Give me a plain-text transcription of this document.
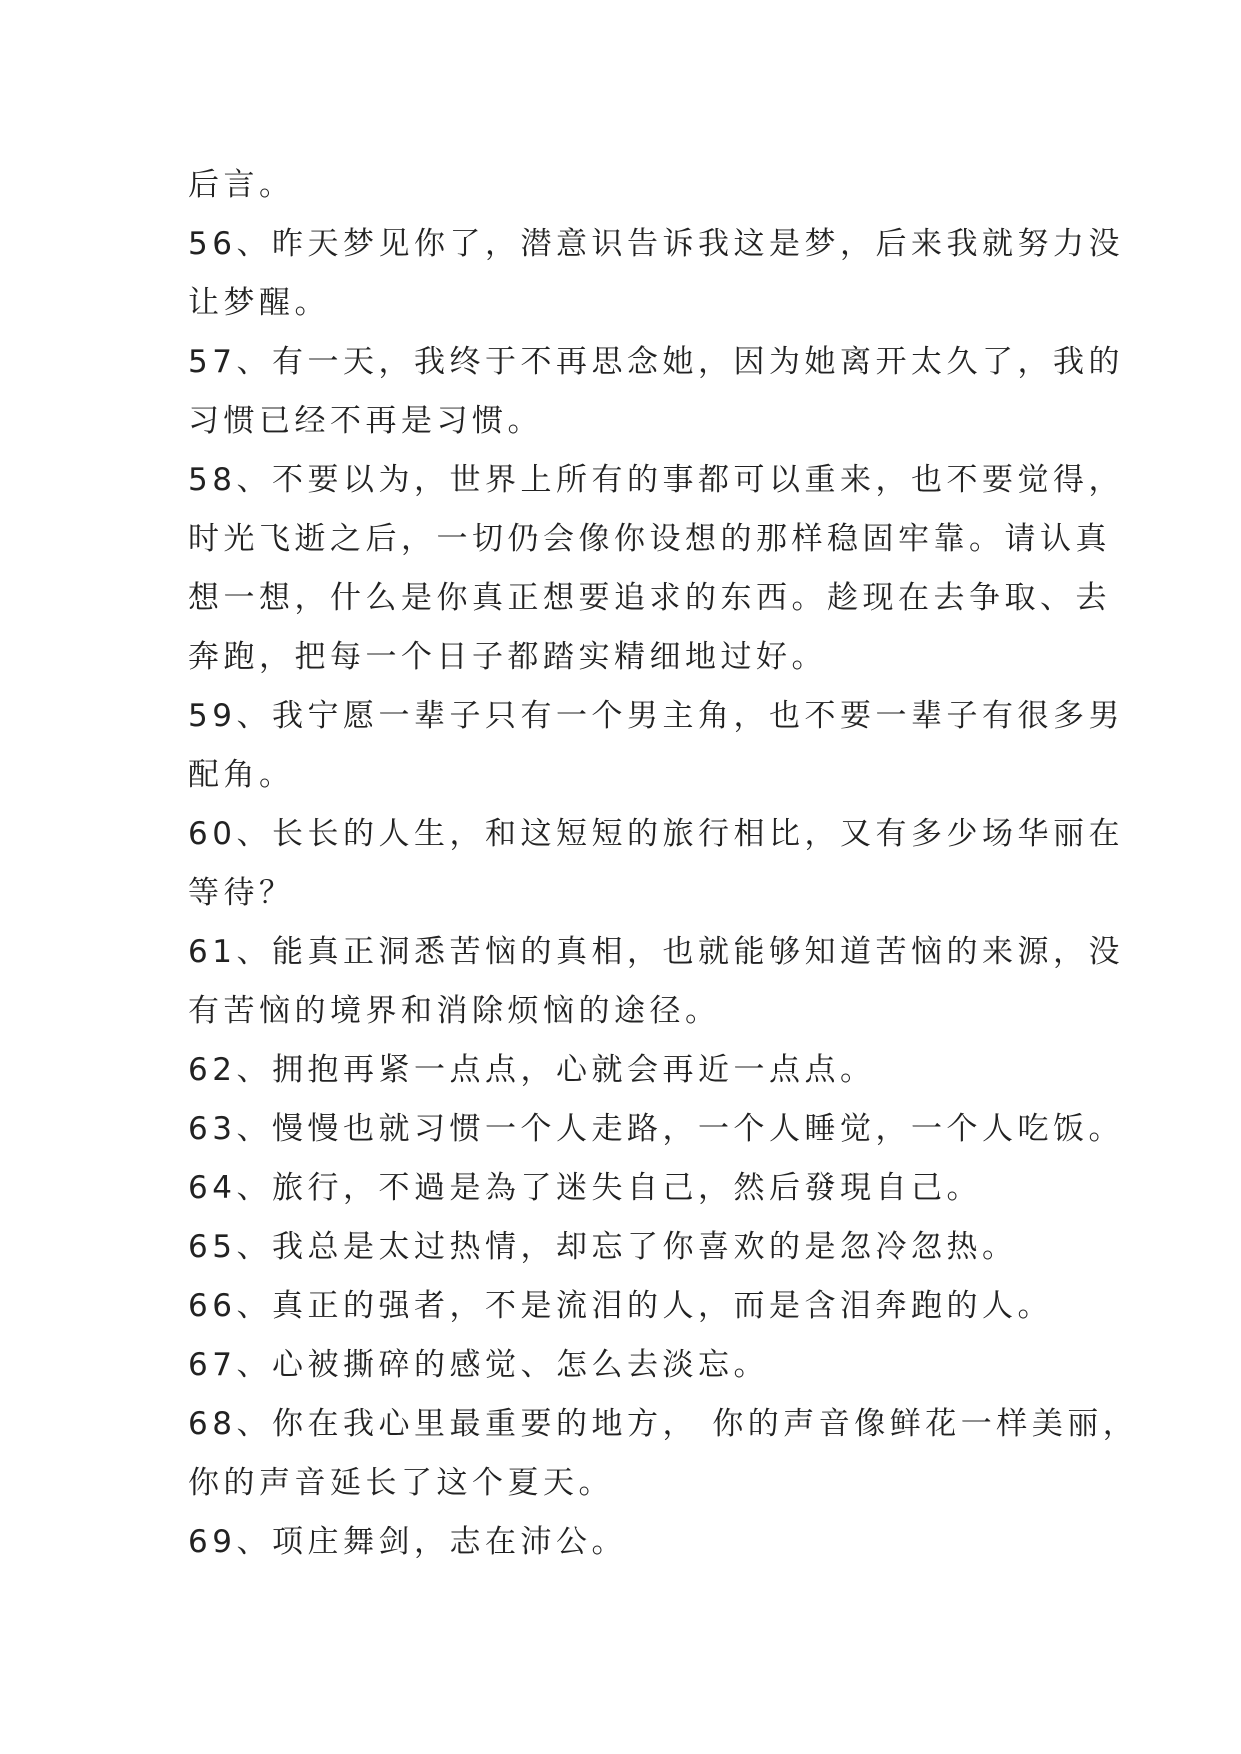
后言。
56、昨天梦见你了，潜意识告诉我这是梦，后来我就努力没
让梦醒。
57、有一天，我终于不再思念她，因为她离开太久了，我的
习惯已经不再是习惯。
58、不要以为，世界上所有的事都可以重来，也不要觉得，
时光飞逝之后，一切仍会像你设想的那样稳固牢靠。请认真
想一想，什么是你真正想要追求的东西。趁现在去争取、去
奔跑，把每一个日子都踏实精细地过好。
59、我宁愿一辈子只有一个男主角，也不要一辈子有很多男
配角。
60、长长的人生，和这短短的旅行相比，又有多少场华丽在
等待？
61、能真正洞悉苦恼的真相，也就能够知道苦恼的来源，没
有苦恼的境界和消除烦恼的途径。
62、拥抱再紧一点点，心就会再近一点点。
63、慢慢也就习惯一个人走路，一个人睡觉，一个人吃饭。
64、旅行，不過是為了迷失自己，然后發現自己。
65、我总是太过热情，却忘了你喜欢的是忽冷忽热。
66、真正的强者，不是流泪的人，而是含泪奔跑的人。
67、心被撕碎的感觉、怎么去淡忘。
68、你在我心里最重要的地方， 你的声音像鲜花一样美丽，
你的声音延长了这个夏天。
69、项庄舞剑，志在沛公。
